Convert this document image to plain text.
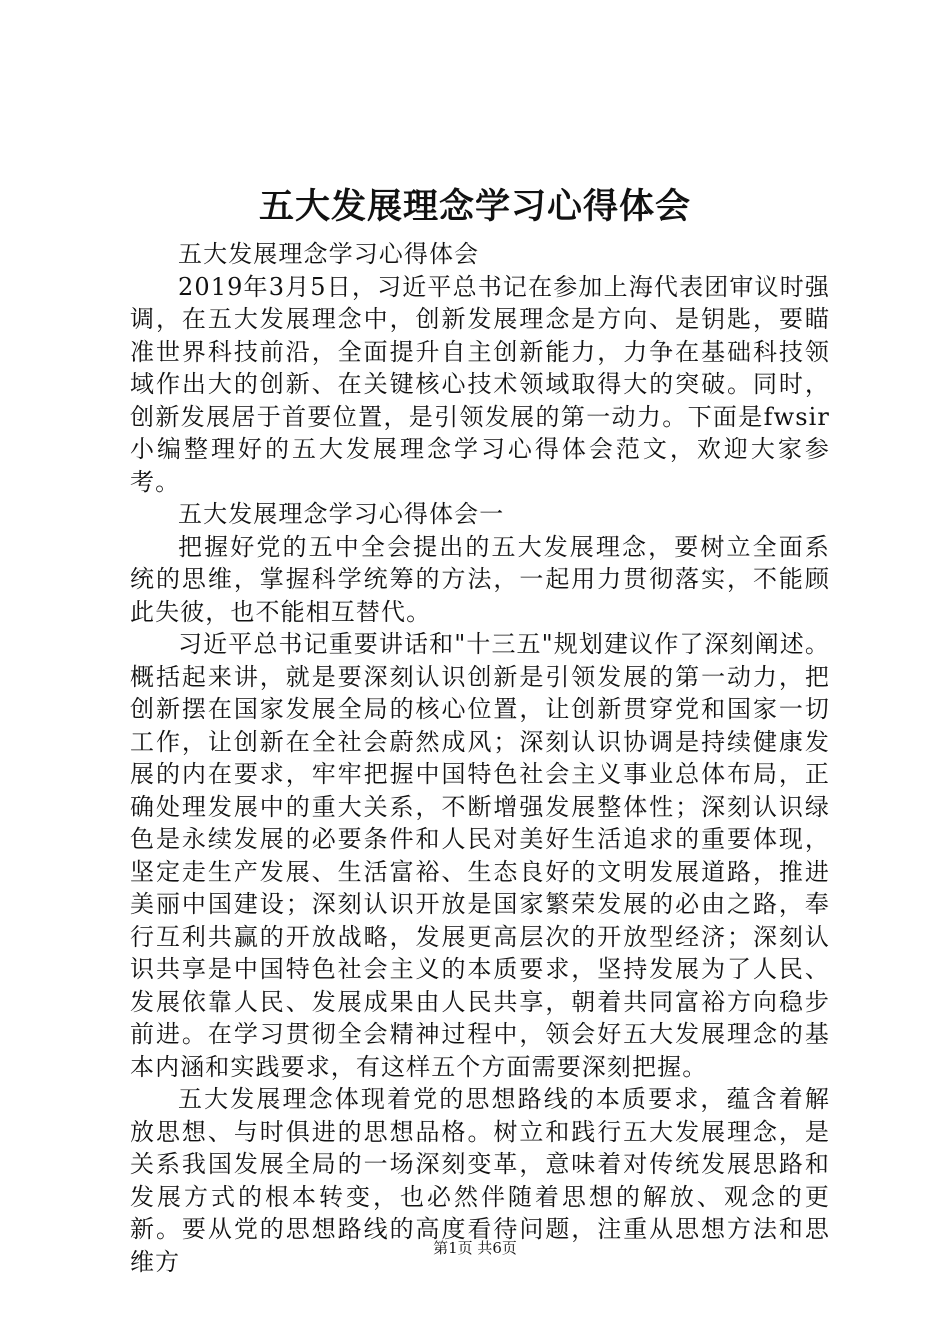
五大发展理念学习心得体会

五大发展理念学习心得体会

2019年3月5日，习近平总书记在参加上海代表团审议时强调，在五大发展理念中，创新发展理念是方向、是钥匙，要瞄准世界科技前沿，全面提升自主创新能力，力争在基础科技领域作出大的创新、在关键核心技术领域取得大的突破。同时，创新发展居于首要位置，是引领发展的第一动力。下面是fwsir小编整理好的五大发展理念学习心得体会范文，欢迎大家参考。

五大发展理念学习心得体会一

把握好党的五中全会提出的五大发展理念，要树立全面系统的思维，掌握科学统筹的方法，一起用力贯彻落实，不能顾此失彼，也不能相互替代。

习近平总书记重要讲话和"十三五"规划建议作了深刻阐述。概括起来讲，就是要深刻认识创新是引领发展的第一动力，把创新摆在国家发展全局的核心位置，让创新贯穿党和国家一切工作，让创新在全社会蔚然成风；深刻认识协调是持续健康发展的内在要求，牢牢把握中国特色社会主义事业总体布局，正确处理发展中的重大关系，不断增强发展整体性；深刻认识绿色是永续发展的必要条件和人民对美好生活追求的重要体现，坚定走生产发展、生活富裕、生态良好的文明发展道路，推进美丽中国建设；深刻认识开放是国家繁荣发展的必由之路，奉行互利共赢的开放战略，发展更高层次的开放型经济；深刻认识共享是中国特色社会主义的本质要求，坚持发展为了人民、发展依靠人民、发展成果由人民共享，朝着共同富裕方向稳步前进。在学习贯彻全会精神过程中，领会好五大发展理念的基本内涵和实践要求，有这样五个方面需要深刻把握。

五大发展理念体现着党的思想路线的本质要求，蕴含着解放思想、与时俱进的思想品格。树立和践行五大发展理念，是关系我国发展全局的一场深刻变革，意味着对传统发展思路和发展方式的根本转变，也必然伴随着思想的解放、观念的更新。要从党的思想路线的高度看待问题，注重从思想方法和思维方	第1页 共6页
